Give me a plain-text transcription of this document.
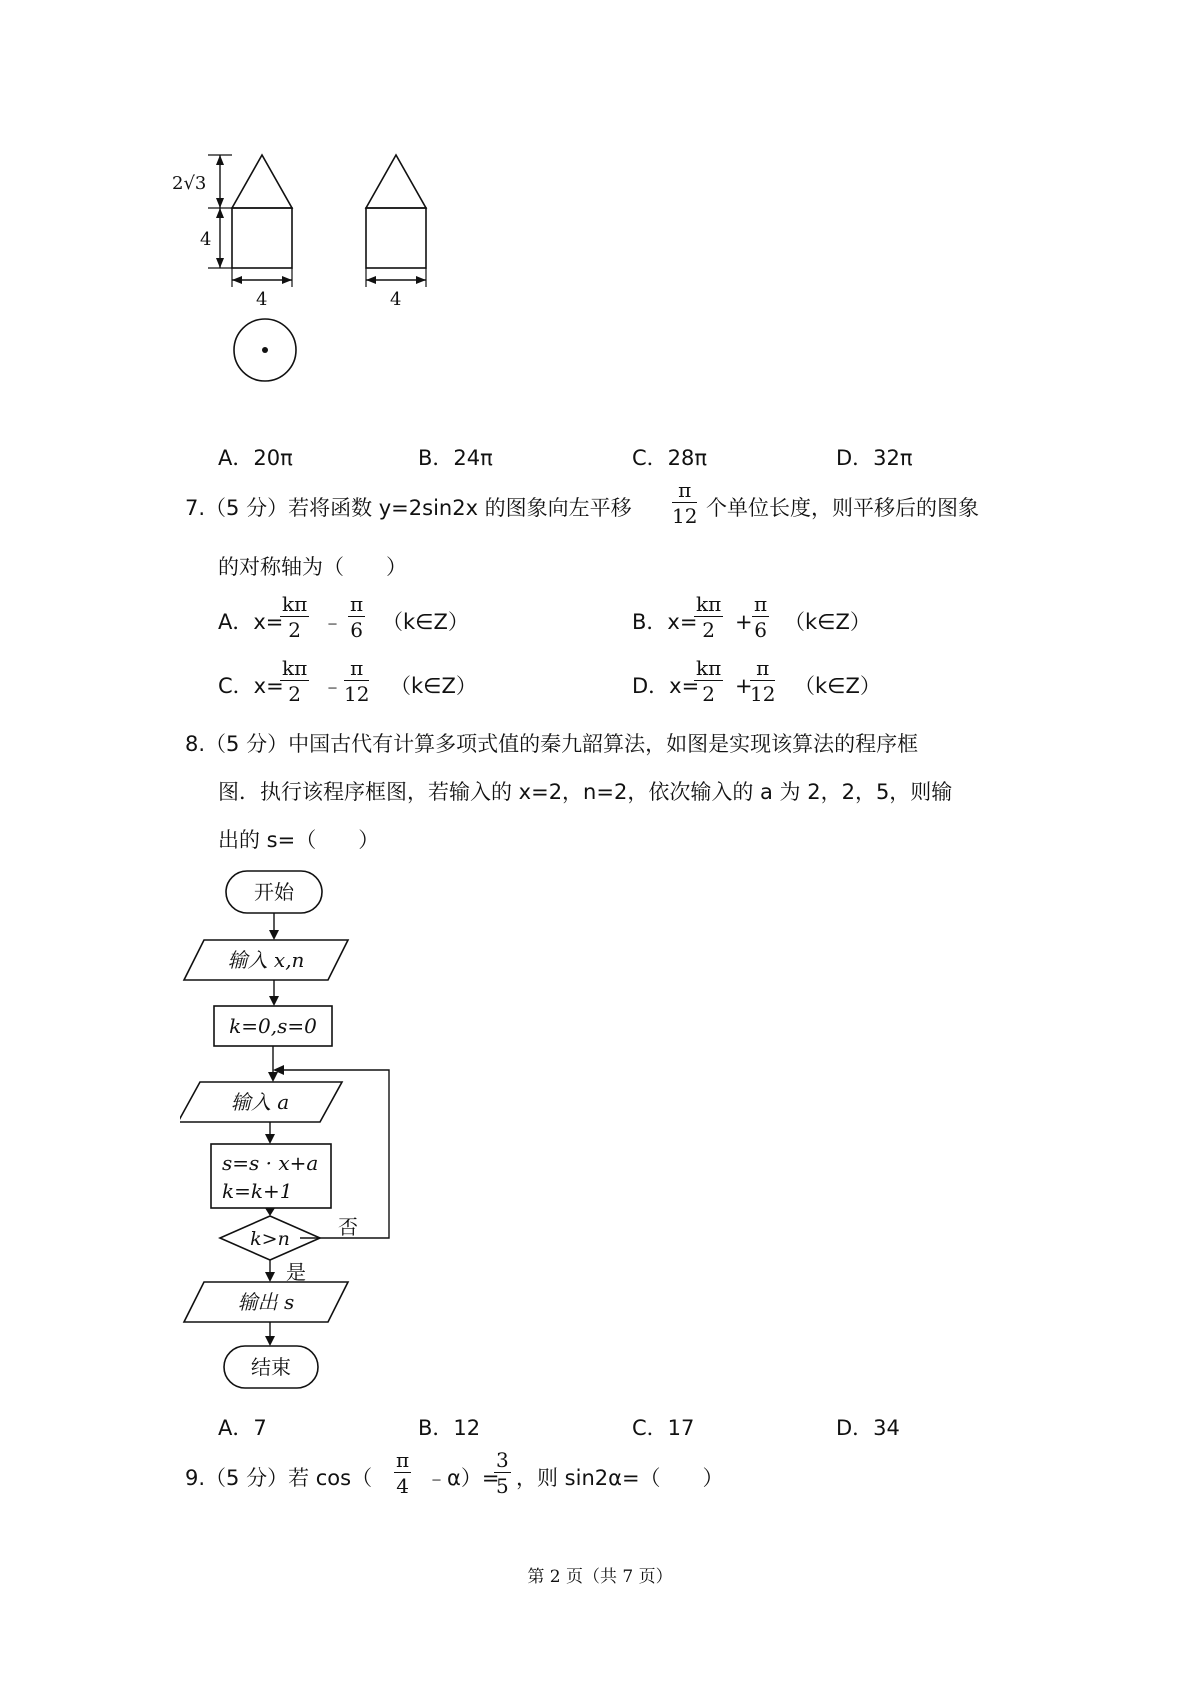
2√3
4
4	4
A．20π	B．24π	C．28π	D．32π
7.（5 分）若将函数 y=2sin2x 的图象向左平移 $\frac{\pi}{12}$ 个单位长度，则平移后的图象
的对称轴为（　　）
A．x=
$\frac{k\pi}{2}$ ﹣ $\frac{\pi}{6}$ （k∈Z）	B．x=
$\frac{k\pi}{2} + \frac{\pi}{6}$ （k∈Z）
C．x=
$\frac{k\pi}{2}$ ﹣ $\frac{\pi}{12}$ （k∈Z）	D．x=
$\frac{k\pi}{2}$ +
$\frac{\pi}{12}$ （k∈Z）
8.（5 分）中国古代有计算多项式值的秦九韶算法，如图是实现该算法的程序框
图．执行该程序框图，若输入的 x=2，n=2，依次输入的 a 为 2，2，5，则输
出的 s=（　　）
开始
输入 x,n
k=0,s=0
输入 a
s=s · x+a
k=k+1
k>n 否
是
输出 s
结束
A．7	B．12	C．17	D．34
9.（5 分）若 $\cos( \frac{\pi}{4}$ ﹣α）=
$\frac{3}{5}$ ，则 sin2α=（　　）
第 2 页（共 7 页）
